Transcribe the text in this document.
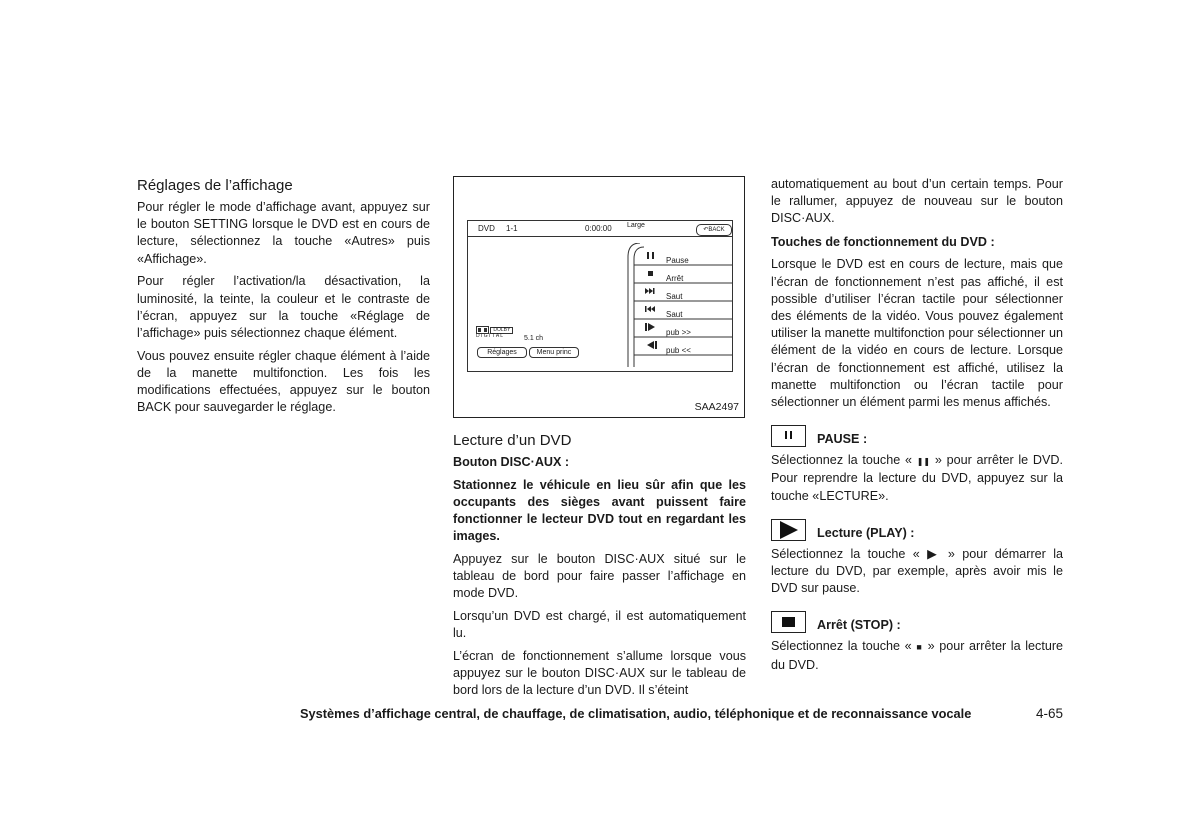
Réglages de l’affichage

Pour régler le mode d’affichage avant, appuyez sur le bouton SETTING lorsque le DVD est en cours de lecture, sélectionnez la touche «Autres» puis «Affichage».

Pour régler l’activation/la désactivation, la luminosité, la teinte, la couleur et le contraste de l’écran, appuyez sur la touche «Réglage de l’affichage» puis sélectionnez chaque élément.

Vous pouvez ensuite régler chaque élément à l’aide de la manette multifonction. Les fois les modifications effectuées, appuyez sur le bouton BACK pour sauvegarder le réglage.

DVD 1-1	0:00:00 Large
↶BACK
Pause
Arrêt
Saut
Saut
pub >>
pub <<
DOLBY
D I G I T A L	5.1 ch
Réglages	Menu princ
SAA2497
Lecture d’un DVD

Bouton DISC·AUX :

Stationnez le véhicule en lieu sûr afin que les occupants des sièges avant puissent faire fonctionner le lecteur DVD tout en regardant les images.

Appuyez sur le bouton DISC·AUX situé sur le tableau de bord pour faire passer l’affichage en mode DVD.

Lorsqu’un DVD est chargé, il est automatiquement lu.

L’écran de fonctionnement s’allume lorsque vous appuyez sur le bouton DISC·AUX sur le tableau de bord lors de la lecture d’un DVD. Il s’éteint

automatiquement au bout d’un certain temps. Pour le rallumer, appuyez de nouveau sur le bouton DISC·AUX.

Touches de fonctionnement du DVD :

Lorsque le DVD est en cours de lecture, mais que l’écran de fonctionnement n’est pas affiché, il est possible d’utiliser l’écran tactile pour sélectionner des éléments de la vidéo. Vous pouvez également utiliser la manette multifonction pour sélectionner un élément de la vidéo en cours de lecture. Lorsque l’écran de fonctionnement est affiché, utilisez la manette multifonction ou l’écran tactile pour sélectionner un élément parmi les menus affichés.

PAUSE :

Sélectionnez la touche « ❚❚ » pour arrêter le DVD. Pour reprendre la lecture du DVD, appuyez sur la touche «LECTURE».

Lecture (PLAY) :

Sélectionnez la touche « ▶ » pour démarrer la lecture du DVD, par exemple, après avoir mis le DVD sur pause.

Arrêt (STOP) :

Sélectionnez la touche « ■ » pour arrêter la lecture du DVD.

Systèmes d’affichage central, de chauffage, de climatisation, audio, téléphonique et de reconnaissance vocale	4-65
